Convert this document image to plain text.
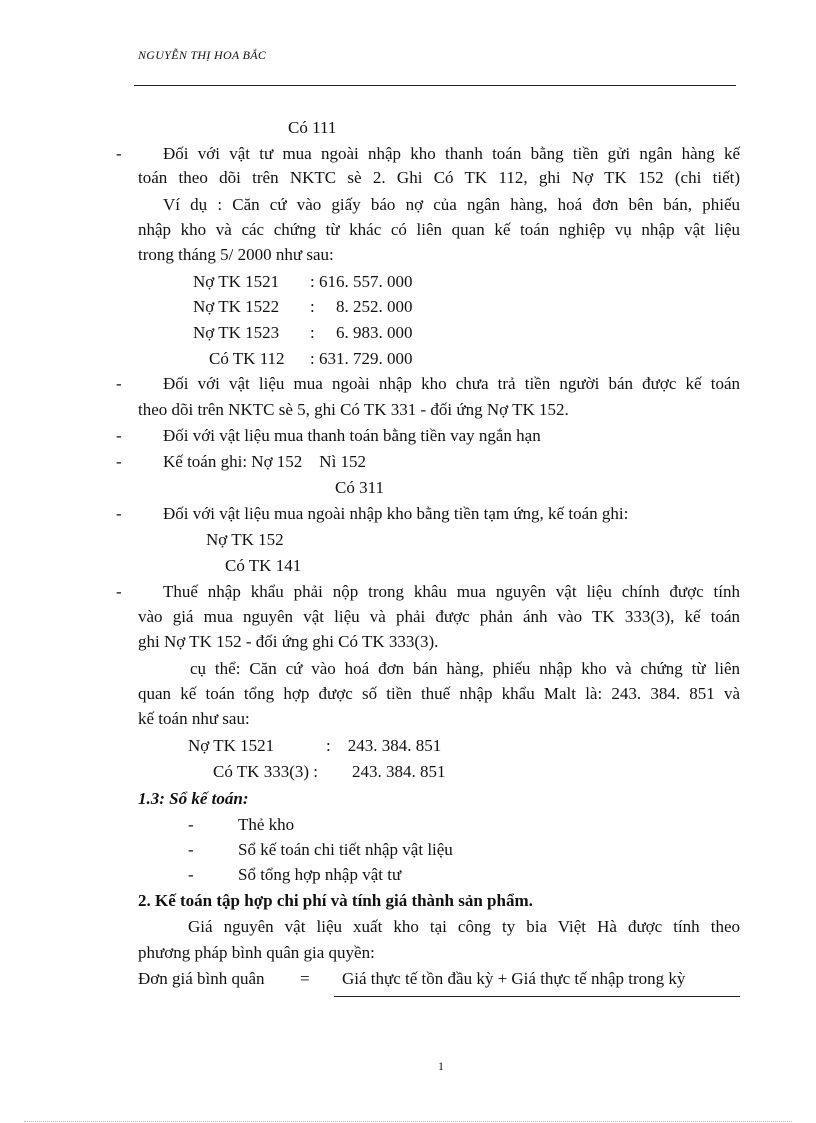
NGUYỄN THỊ HOA BẮC
Có 111
- Đối với vật tư mua ngoài nhập kho thanh toán bằng tiền gửi ngân hàng kế
toán theo dõi trên NKTC sè 2. Ghi Có TK 112, ghi Nợ TK 152 (chi tiết)
Ví dụ : Căn cứ vào giấy báo nợ của ngân hàng, hoá đơn bên bán, phiếu
nhập kho và các chứng từ khác có liên quan kế toán nghiệp vụ nhập vật liệu
trong tháng 5/ 2000 như sau:
Nợ TK 1521 : 616. 557. 000
Nợ TK 1522 :     8. 252. 000
Nợ TK 1523 :     6. 983. 000
Có TK 112 : 631. 729. 000
- Đối với vật liệu mua ngoài nhập kho chưa trả tiền người bán được kế toán
theo dõi trên NKTC sè 5, ghi Có TK 331 - đối ứng Nợ TK 152.
- Đối với vật liệu mua thanh toán bằng tiền vay ngắn hạn
- Kế toán ghi: Nợ 152    Nì 152
Có 311
- Đối với vật liệu mua ngoài nhập kho bằng tiền tạm ứng, kế toán ghi:
Nợ TK 152
Có TK 141
- Thuế nhập khẩu phải nộp trong khâu mua nguyên vật liệu chính được tính
vào giá mua nguyên vật liệu và phải được phản ánh vào TK 333(3), kế toán
ghi Nợ TK 152 - đối ứng ghi Có TK 333(3).
cụ thể: Căn cứ vào hoá đơn bán hàng, phiếu nhập kho và chứng từ liên
quan kế toán tổng hợp được số tiền thuế nhập khẩu Malt là: 243. 384. 851 và
kế toán như sau:
Nợ TK 1521	:    243. 384. 851
Có TK 333(3) : 243. 384. 851
1.3: Sổ kế toán:
-	Thẻ kho
-	Sổ kế toán chi tiết nhập vật liệu
-	Sổ tổng hợp nhập vật tư
2. Kế toán tập hợp chi phí và tính giá thành sản phẩm.
Giá nguyên vật liệu xuất kho tại công ty bia Việt Hà được tính theo
phương pháp bình quân gia quyền:
Đơn giá bình quân = Giá thực tế tồn đầu kỳ + Giá thực tế nhập trong kỳ
1
